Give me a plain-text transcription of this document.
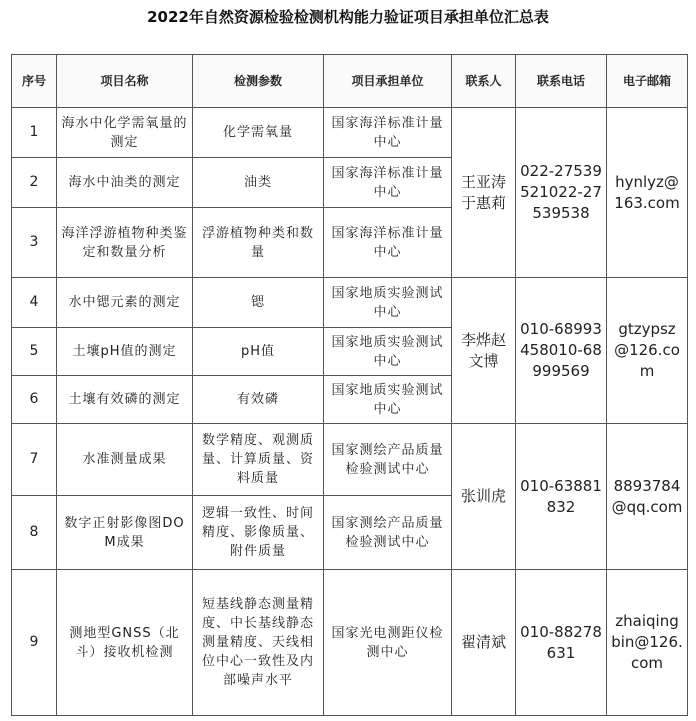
2022年自然资源检验检测机构能力验证项目承担单位汇总表
序号	项目名称	检测参数	项目承担单位	联系人	联系电话	电子邮箱
1	海水中化学需氧量的测定	化学需氧量	国家海洋标准计量中心	王亚涛于惠莉	022-27539521022-27539538	hynlyz@163.com
2	海水中油类的测定	油类	国家海洋标准计量中心			
3	海洋浮游植物种类鉴定和数量分析	浮游植物种类和数量	国家海洋标准计量中心			
4	水中锶元素的测定	锶	国家地质实验测试中心	李烨赵文博	010-68993458010-68999569	gtzypsz@126.com
5	土壤pH值的测定	pH值	国家地质实验测试中心			
6	土壤有效磷的测定	有效磷	国家地质实验测试中心			
7	水准测量成果	数学精度、观测质量、计算质量、资料质量	国家测绘产品质量检验测试中心	张训虎	010-63881832	8893784@qq.com
8	数字正射影像图DOM成果	逻辑一致性、时间精度、影像质量、附件质量	国家测绘产品质量检验测试中心			
9	测地型GNSS（北斗）接收机检测	短基线静态测量精度、中长基线静态测量精度、天线相位中心一致性及内部噪声水平	国家光电测距仪检测中心	翟清斌	010-88278631	zhaiqingbin@126.com
